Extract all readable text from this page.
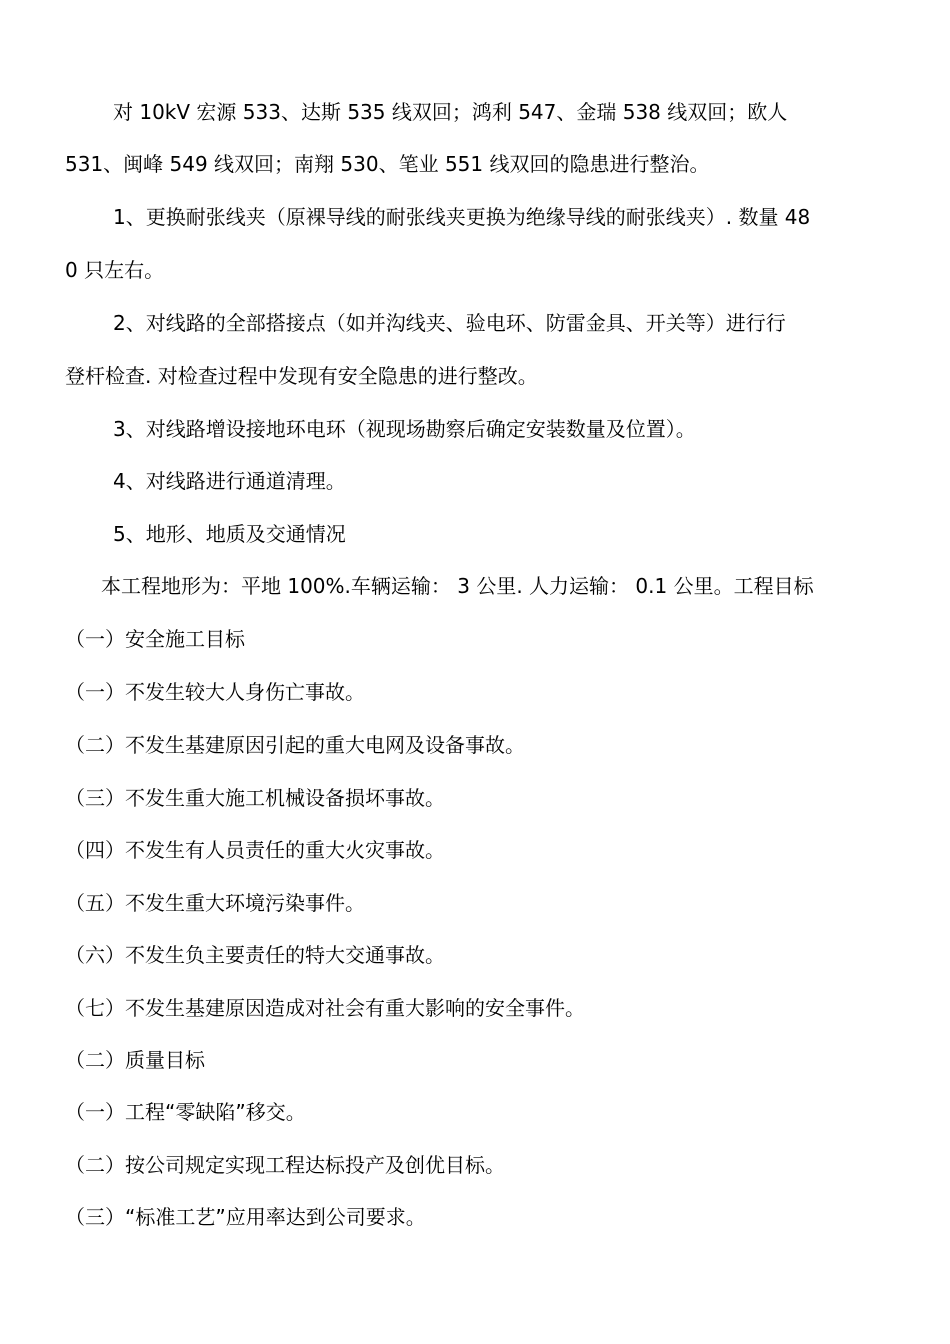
对 10kV 宏源 533、达斯 535 线双回；鸿利 547、金瑞 538 线双回；欧人
531、闽峰 549 线双回；南翔 530、笔业 551 线双回的隐患进行整治。
1、更换耐张线夹（原裸导线的耐张线夹更换为绝缘导线的耐张线夹）. 数量 48
0 只左右。
2、对线路的全部搭接点（如并沟线夹、验电环、防雷金具、开关等）进行行
登杆检查. 对检查过程中发现有安全隐患的进行整改。
3、对线路增设接地环电环（视现场勘察后确定安装数量及位置）。
4、对线路进行通道清理。
5、地形、地质及交通情况
本工程地形为：平地 100%.车辆运输： 3 公里. 人力运输： 0.1 公里。工程目标
（一）安全施工目标
（一）不发生较大人身伤亡事故。
（二）不发生基建原因引起的重大电网及设备事故。
（三）不发生重大施工机械设备损坏事故。
（四）不发生有人员责任的重大火灾事故。
（五）不发生重大环境污染事件。
（六）不发生负主要责任的特大交通事故。
（七）不发生基建原因造成对社会有重大影响的安全事件。
（二）质量目标
（一）工程“零缺陷”移交。
（二）按公司规定实现工程达标投产及创优目标。
（三）“标准工艺”应用率达到公司要求。
